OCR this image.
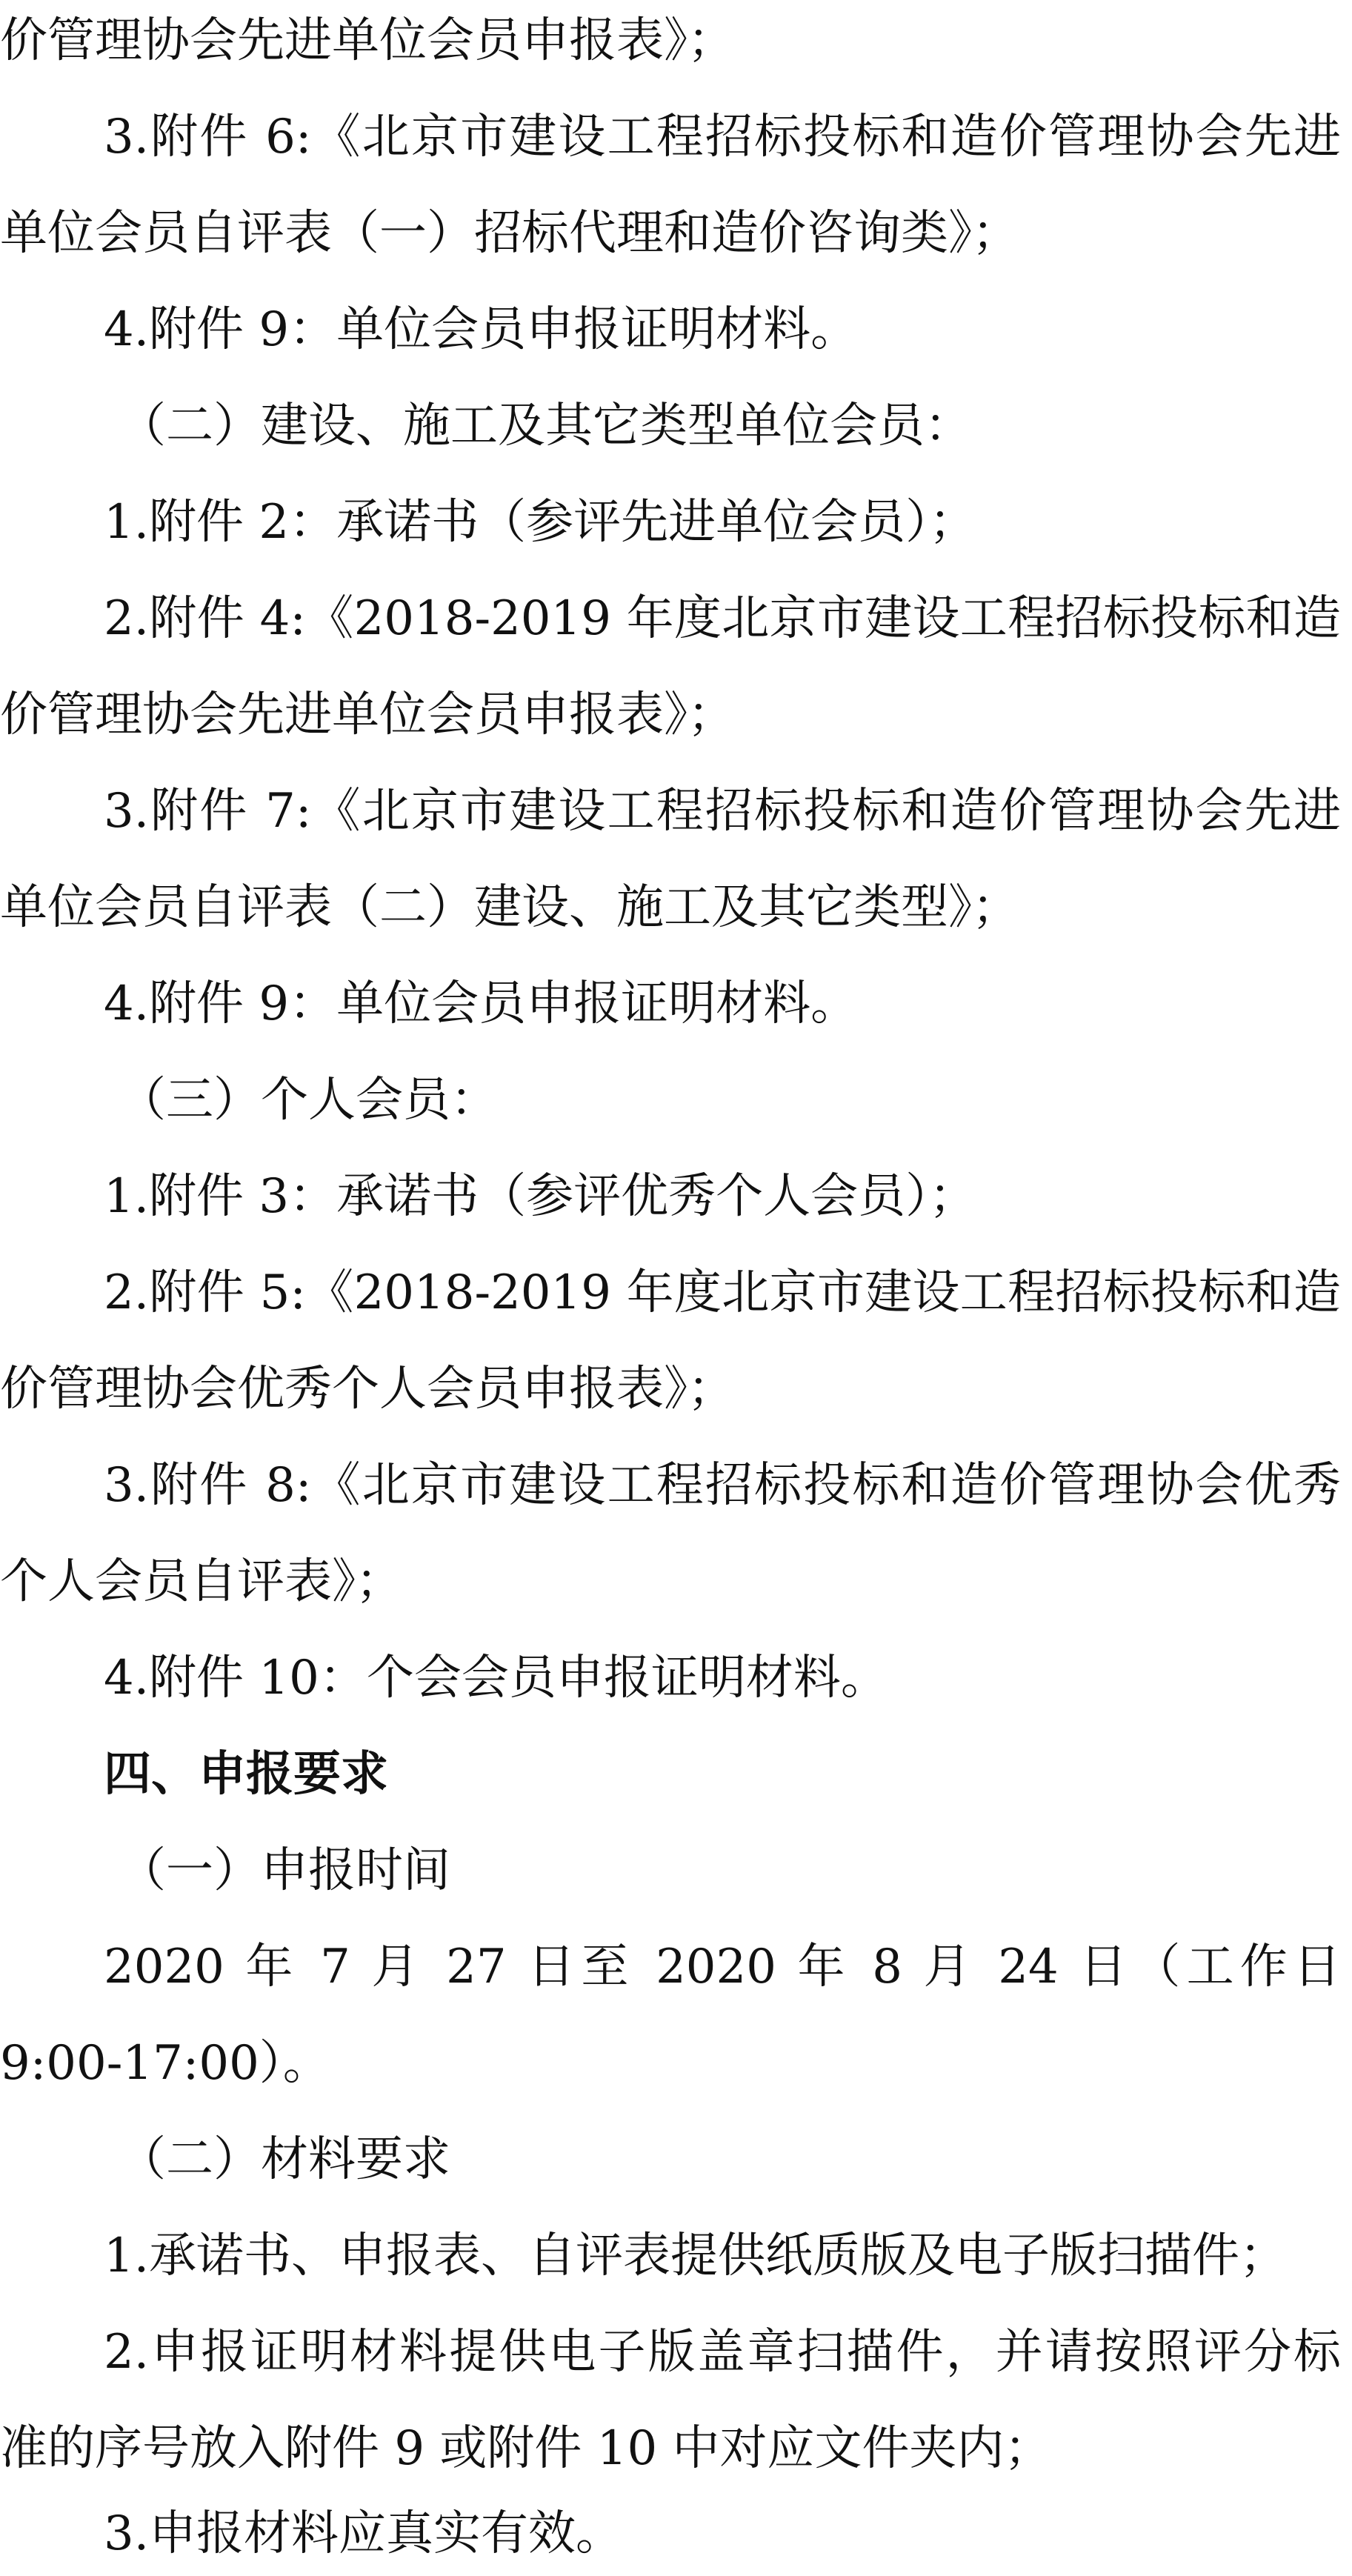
价管理协会先进单位会员申报表》；
3.附件 6:《北京市建设工程招标投标和造价管理协会先进
单位会员自评表（一）招标代理和造价咨询类》；
4.附件 9：单位会员申报证明材料。
（二）建设、施工及其它类型单位会员：
1.附件 2：承诺书（参评先进单位会员）；
2.附件 4:《2018-2019 年度北京市建设工程招标投标和造
价管理协会先进单位会员申报表》；
3.附件 7:《北京市建设工程招标投标和造价管理协会先进
单位会员自评表（二）建设、施工及其它类型》；
4.附件 9：单位会员申报证明材料。
（三）个人会员：
1.附件 3：承诺书（参评优秀个人会员）；
2.附件 5:《2018-2019 年度北京市建设工程招标投标和造
价管理协会优秀个人会员申报表》；
3.附件 8:《北京市建设工程招标投标和造价管理协会优秀
个人会员自评表》；
4.附件 10：个会会员申报证明材料。
四、申报要求
（一）申报时间
2020 年 7 月 27 日至 2020 年 8 月 24 日（工作日
9:00-17:00）。
（二）材料要求
1.承诺书、申报表、自评表提供纸质版及电子版扫描件；
2.申报证明材料提供电子版盖章扫描件，并请按照评分标
准的序号放入附件 9 或附件 10 中对应文件夹内；
3.申报材料应真实有效。
